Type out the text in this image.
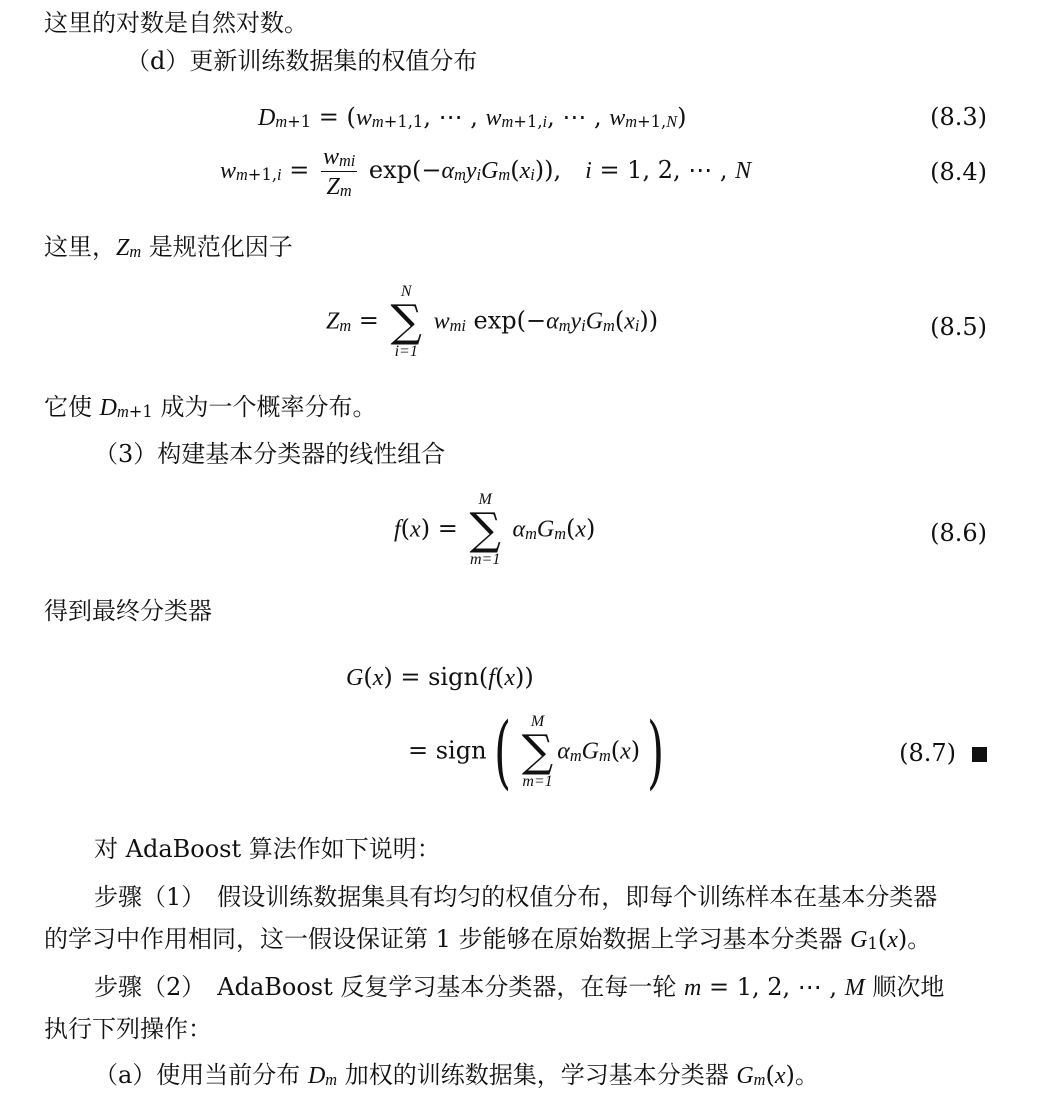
这里的对数是自然对数。
（d）更新训练数据集的权值分布
$D_{m+1} = (w_{m+1,1}$, ⋯ , $w_{m+1,i}$, ⋯ , $w_{m+1,N}$)	(8.3)
$w_{m+1,i} = \frac{w_{mi}}{Z_m} \exp(-\alpha_my_iG_m(x_i))$, i = 1, 2, ⋯ , N	(8.4)
这里，$Z_m$ 是规范化因子
$Z_m$ =
N
∑
i=1
$w_{mi}$ $\exp(-\alpha_my_iG_m(x_i))$	(8.5)
它使 $D_{m+1}$ 成为一个概率分布。
（3）构建基本分类器的线性组合
f(x) =
M
∑
m=1
$\alpha_mG_m(x)$	(8.6)
得到最终分类器
G(x) = sign(f(x))
= sign(	M
∑
m=1
$\alpha_mG_m(x)$)	(8.7)
对 AdaBoost 算法作如下说明：
步骤（1）　假设训练数据集具有均匀的权值分布，即每个训练样本在基本分类器
的学习中作用相同，这一假设保证第 1 步能够在原始数据上学习基本分类器 $G_1(x)$。
步骤（2）　AdaBoost 反复学习基本分类器，在每一轮 m = 1, 2, ⋯ , M 顺次地
执行下列操作：
（a）使用当前分布 $D_m$ 加权的训练数据集，学习基本分类器 $G_m(x)$。
